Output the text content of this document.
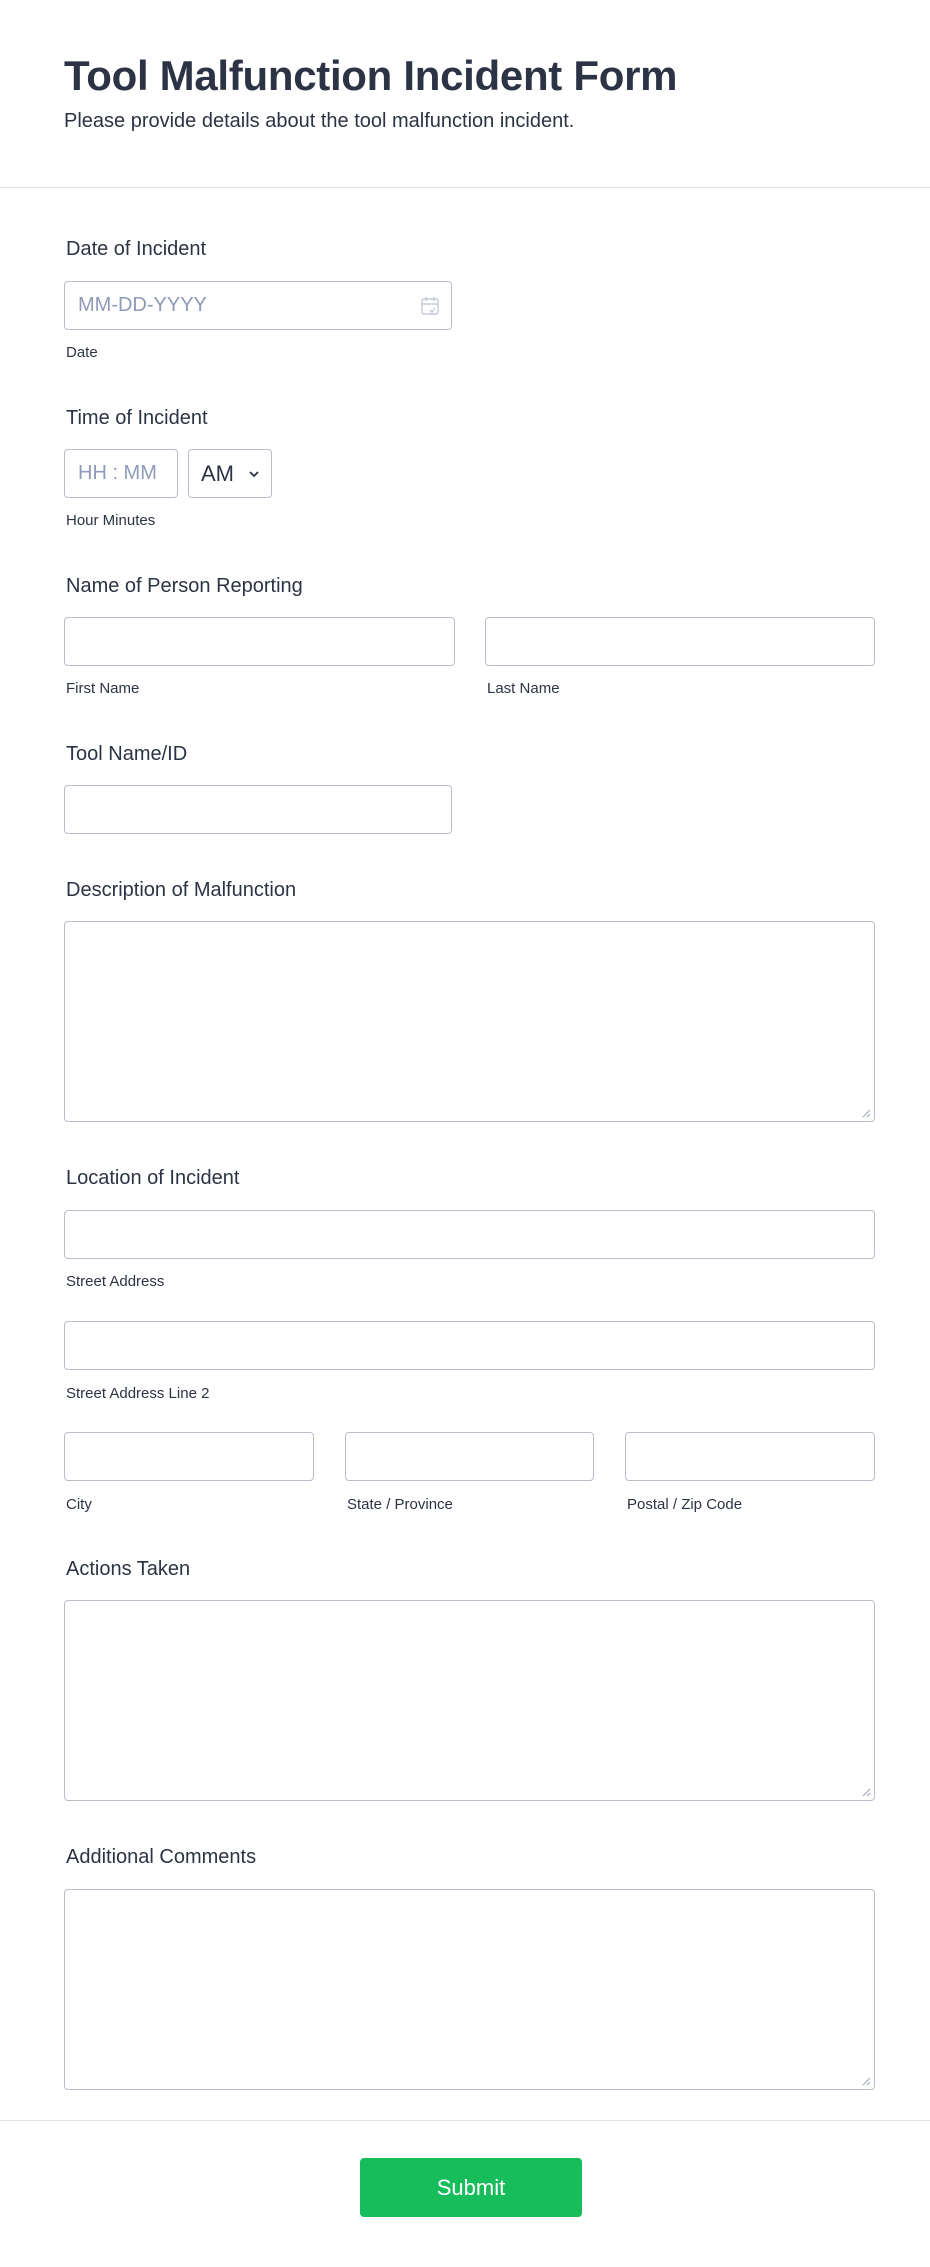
Tool Malfunction Incident Form
Please provide details about the tool malfunction incident.
Date of Incident
MM-DD-YYYY
Date
Time of Incident
HH : MM AM
Hour Minutes
Name of Person Reporting
First Name	Last Name
Tool Name/ID
Description of Malfunction
Location of Incident
Street Address
Street Address Line 2
City	State / Province	Postal / Zip Code
Actions Taken
Additional Comments
Submit
